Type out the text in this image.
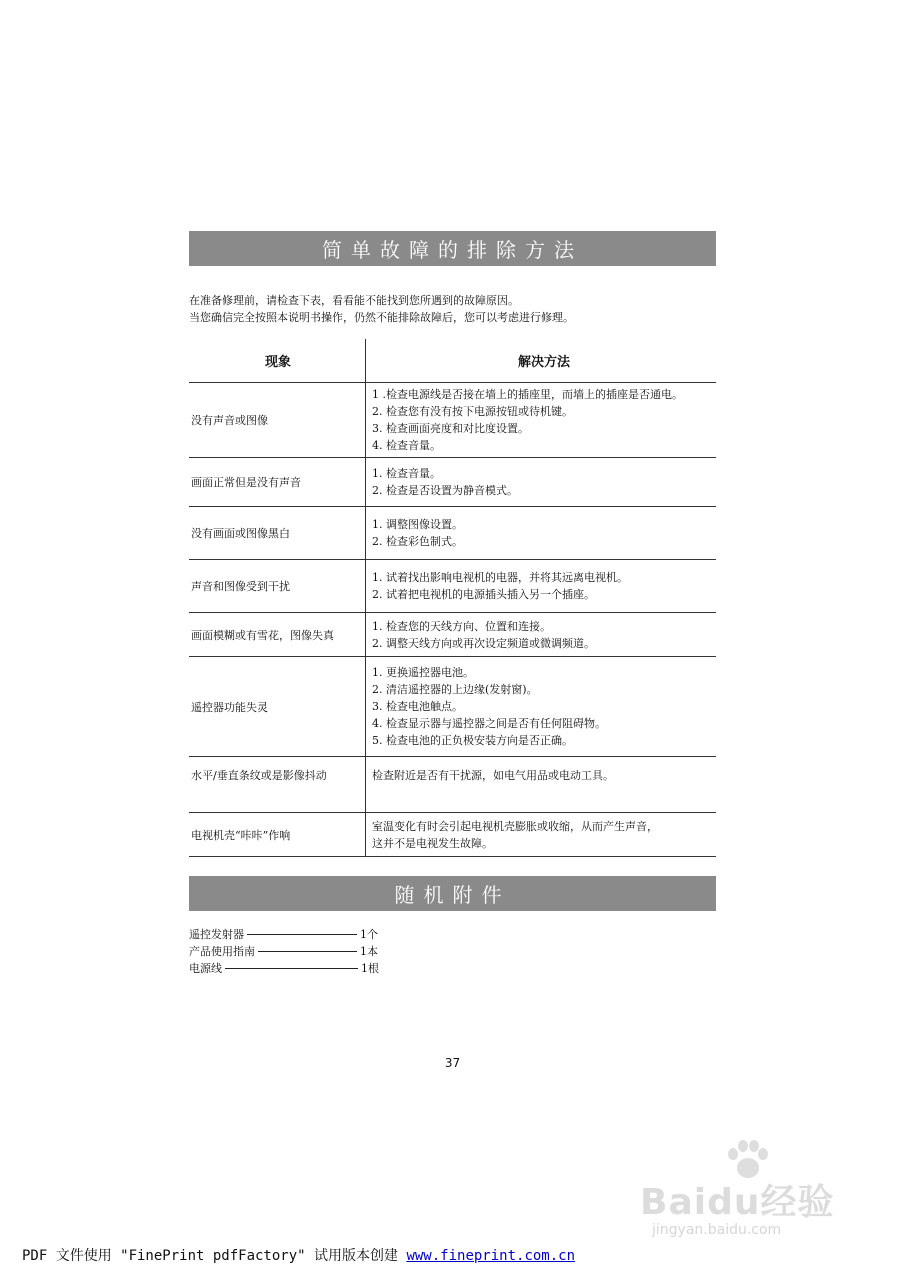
简单故障的排除方法
在准备修理前，请检查下表，看看能不能找到您所遇到的故障原因。
当您确信完全按照本说明书操作，仍然不能排除故障后，您可以考虑进行修理。
现象	解决方法
没有声音或图像	1 .检查电源线是否接在墙上的插座里，而墙上的插座是否通电。
2. 检查您有没有按下电源按钮或待机键。
3. 检查画面亮度和对比度设置。
4. 检查音量。

画面正常但是没有声音	1. 检查音量。
2. 检查是否设置为静音模式。

没有画面或图像黑白	1. 调整图像设置。
2. 检查彩色制式。

声音和图像受到干扰	1. 试着找出影响电视机的电器，并将其远离电视机。
2. 试着把电视机的电源插头插入另一个插座。

画面模糊或有雪花，图像失真	1. 检查您的天线方向、位置和连接。
2. 调整天线方向或再次设定频道或微调频道。

遥控器功能失灵	1. 更换遥控器电池。
2. 清洁遥控器的上边缘(发射窗)。
3. 检查电池触点。
4. 检查显示器与遥控器之间是否有任何阻碍物。
5. 检查电池的正负极安装方向是否正确。

水平/垂直条纹或是影像抖动	检查附近是否有干扰源，如电气用品或电动工具。

电视机壳“咔咔”作响	室温变化有时会引起电视机壳膨胀或收缩，从而产生声音，
这并不是电视发生故障。
随机附件
遥控发射器	1个
产品使用指南	1本
电源线	1根
37
Baidu经验
jingyan.baidu.com
PDF 文件使用 "FinePrint pdfFactory" 试用版本创建 www.fineprint.com.cn
